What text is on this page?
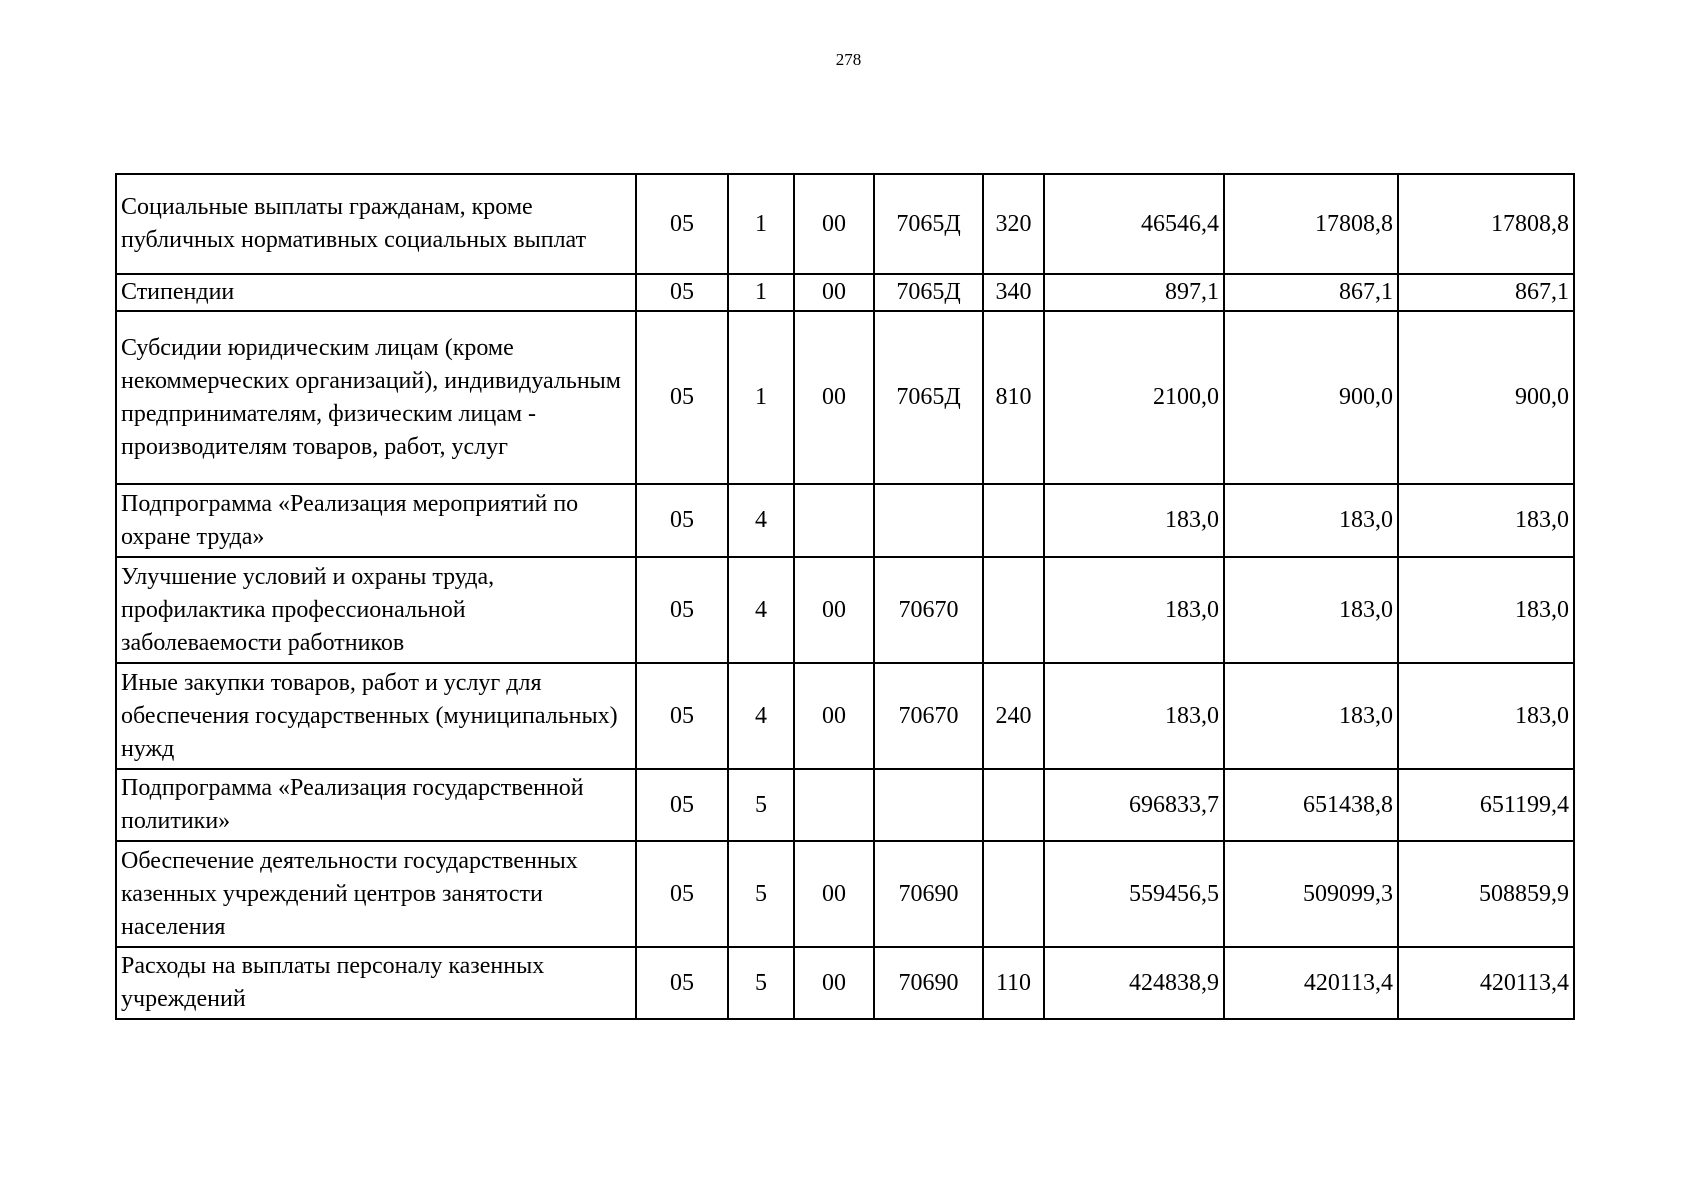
278
Социальные выплаты гражданам, кроме публичных нормативных социальных выплат	05	1	00	7065Д	320	46546,4	17808,8	17808,8
Стипендии	05	1	00	7065Д	340	897,1	867,1	867,1
Субсидии юридическим лицам (кроме некоммерческих организаций), индивидуальным предпринимателям, физическим лицам - производителям товаров, работ, услуг	05	1	00	7065Д	810	2100,0	900,0	900,0
Подпрограмма «Реализация мероприятий по охране труда»	05	4				183,0	183,0	183,0
Улучшение условий и охраны труда, профилактика профессиональной заболеваемости работников	05	4	00	70670		183,0	183,0	183,0
Иные закупки товаров, работ и услуг для обеспечения государственных (муниципальных) нужд	05	4	00	70670	240	183,0	183,0	183,0
Подпрограмма «Реализация государственной политики»	05	5				696833,7	651438,8	651199,4
Обеспечение деятельности государственных казенных учреждений центров занятости населения	05	5	00	70690		559456,5	509099,3	508859,9
Расходы на выплаты персоналу казенных учреждений	05	5	00	70690	110	424838,9	420113,4	420113,4
